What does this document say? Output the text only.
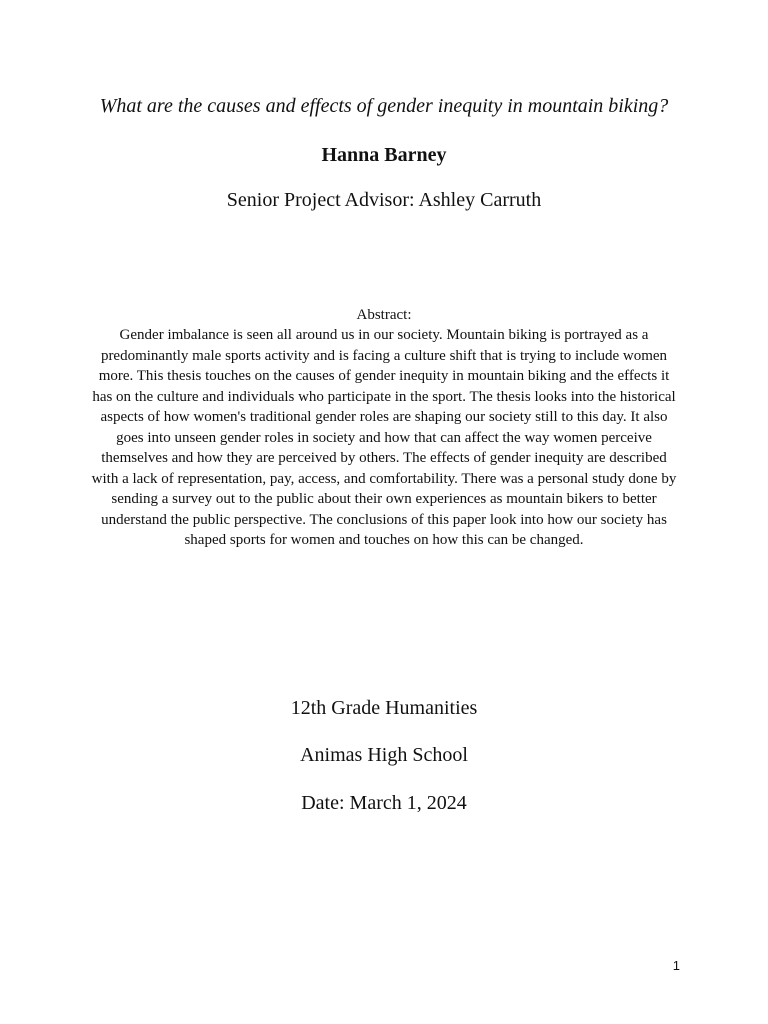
What are the causes and effects of gender inequity in mountain biking?
Hanna Barney
Senior Project Advisor: Ashley Carruth
Abstract:
Gender imbalance is seen all around us in our society. Mountain biking is portrayed as a
predominantly male sports activity and is facing a culture shift that is trying to include women
more. This thesis touches on the causes of gender inequity in mountain biking and the effects it
has on the culture and individuals who participate in the sport. The thesis looks into the historical
aspects of how women's traditional gender roles are shaping our society still to this day. It also
goes into unseen gender roles in society and how that can affect the way women perceive
themselves and how they are perceived by others. The effects of gender inequity are described
with a lack of representation, pay, access, and comfortability. There was a personal study done by
sending a survey out to the public about their own experiences as mountain bikers to better
understand the public perspective. The conclusions of this paper look into how our society has
shaped sports for women and touches on how this can be changed.
12th Grade Humanities
Animas High School
Date: March 1, 2024
1
